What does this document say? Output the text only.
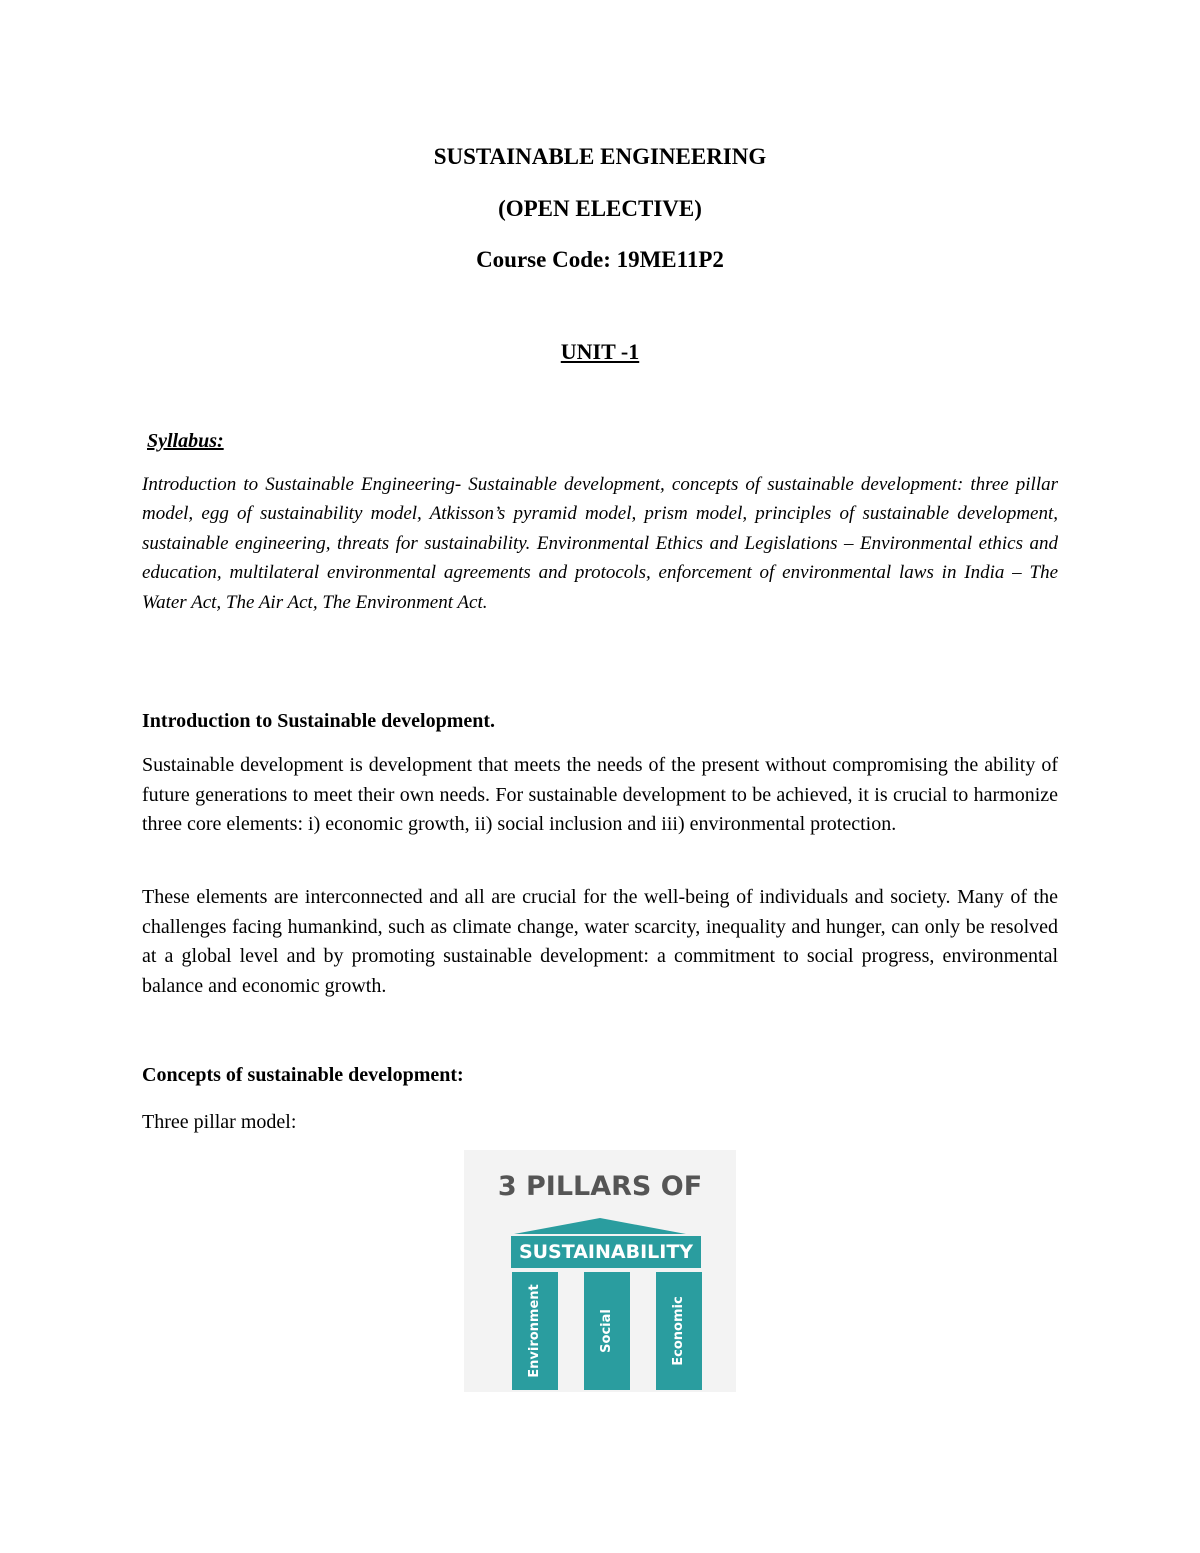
SUSTAINABLE ENGINEERING

(OPEN ELECTIVE)

Course Code: 19ME11P2

UNIT -1

Syllabus:

Introduction to Sustainable Engineering- Sustainable development, concepts of sustainable development: three pillar model, egg of sustainability model, Atkisson’s pyramid model, prism model, principles of sustainable development, sustainable engineering, threats for sustainability. Environmental Ethics and Legislations – Environmental ethics and education, multilateral environmental agreements and protocols, enforcement of environmental laws in India – The Water Act, The Air Act, The Environment Act.

Introduction to Sustainable development.

Sustainable development is development that meets the needs of the present without compromising the ability of future generations to meet their own needs. For sustainable development to be achieved, it is crucial to harmonize three core elements: i) economic growth, ii) social inclusion and iii) environmental protection.

These elements are interconnected and all are crucial for the well-being of individuals and society. Many of the challenges facing humankind, such as climate change, water scarcity, inequality and hunger, can only be resolved at a global level and by promoting sustainable development: a commitment to social progress, environmental balance and economic growth.

Concepts of sustainable development:

Three pillar model:

3 PILLARS OF
SUSTAINABILITY
Environment	Social	Economic
